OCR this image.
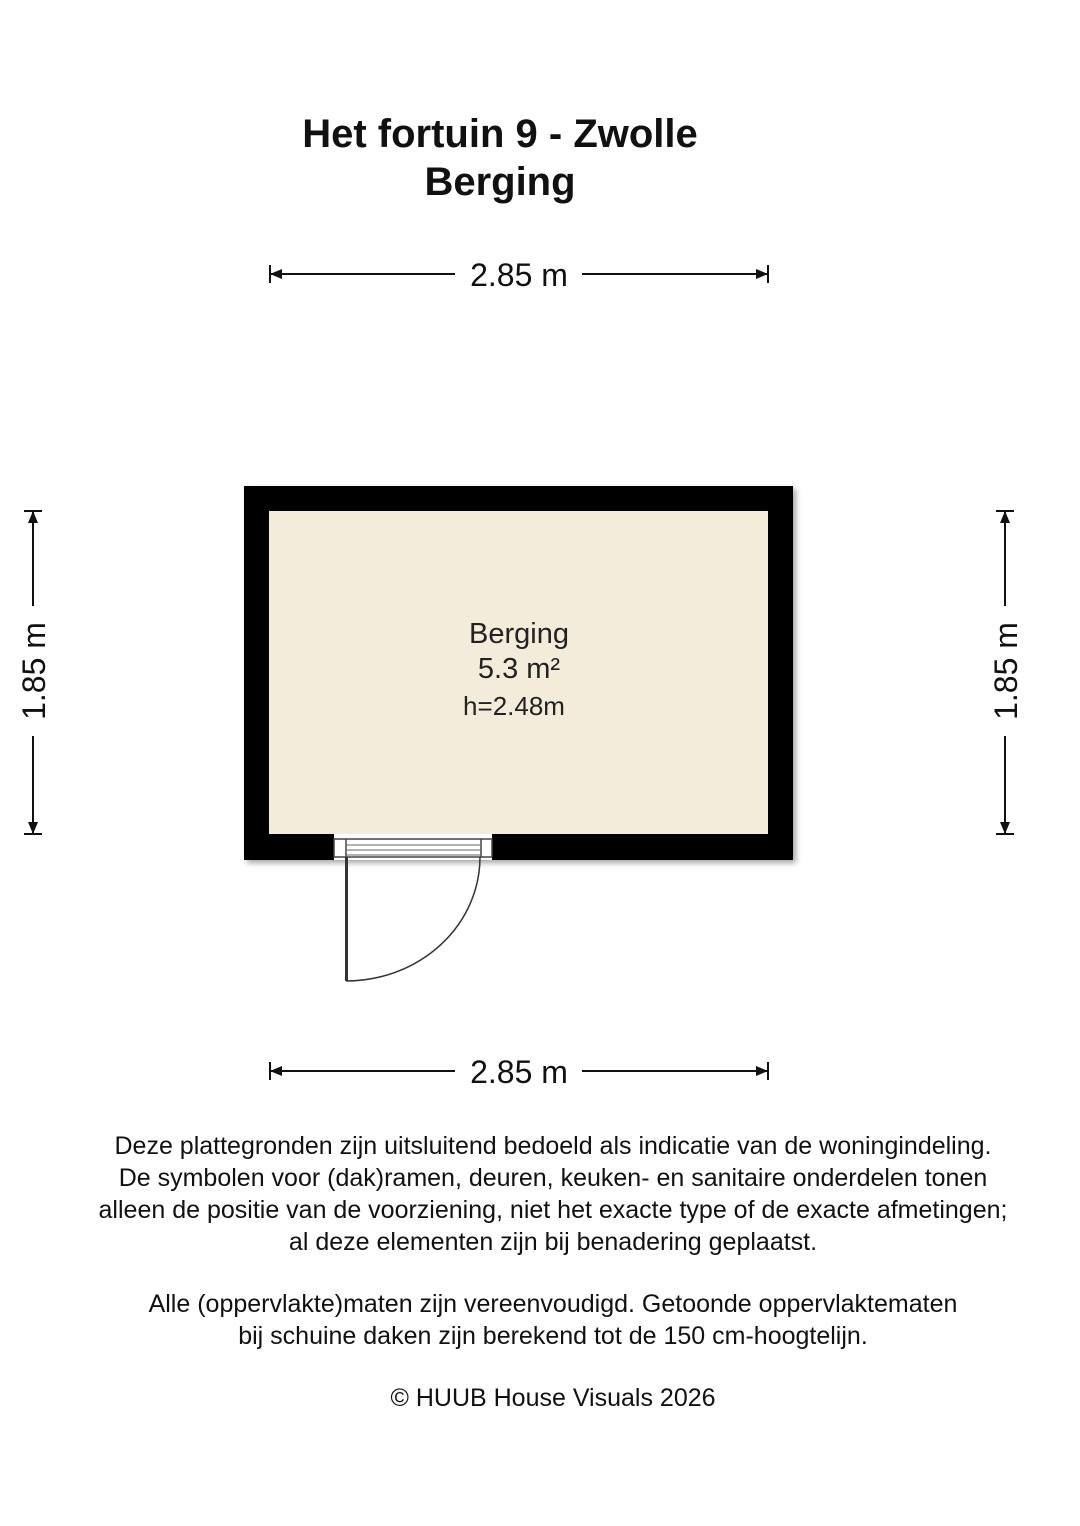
Het fortuin 9 - Zwolle
Berging
2.85 m
2.85 m
1.85 m	1.85 m
Berging
5.3 m²
h=2.48m
Deze plattegronden zijn uitsluitend bedoeld als indicatie van de woningindeling.
De symbolen voor (dak)ramen, deuren, keuken- en sanitaire onderdelen tonen
alleen de positie van de voorziening, niet het exacte type of de exacte afmetingen;
al deze elementen zijn bij benadering geplaatst.
Alle (oppervlakte)maten zijn vereenvoudigd. Getoonde oppervlaktematen
bij schuine daken zijn berekend tot de 150 cm-hoogtelijn.
© HUUB House Visuals 2026
